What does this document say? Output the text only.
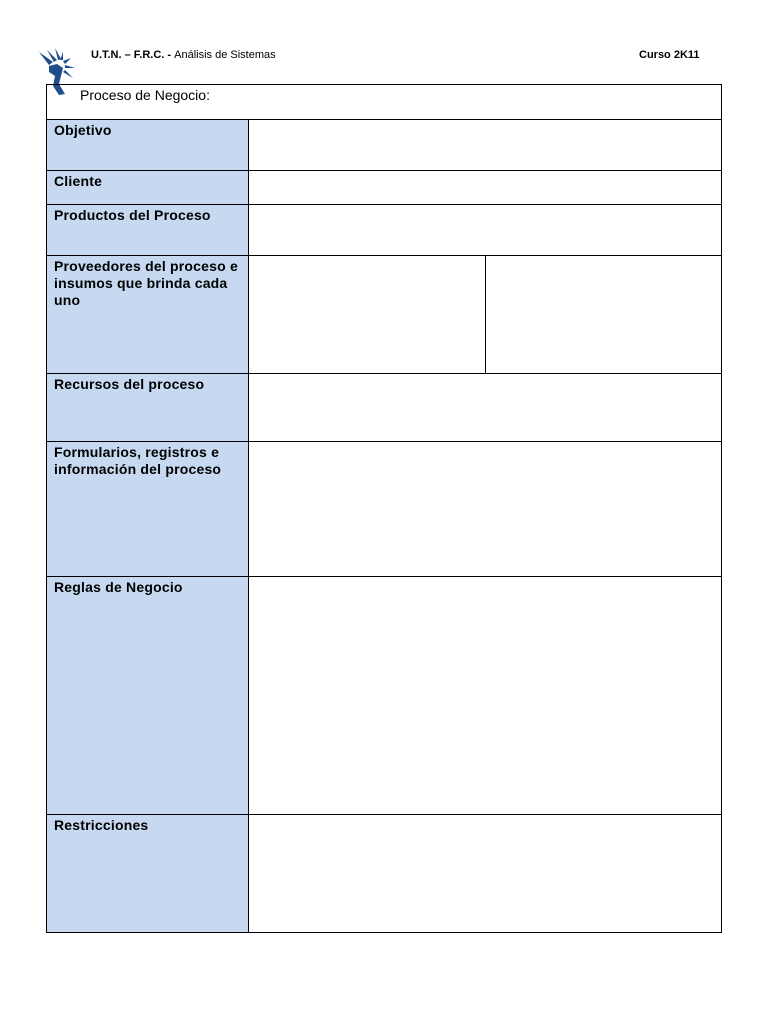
U.T.N. – F.R.C. - Análisis de Sistemas	Curso 2K11
Proceso de Negocio:
Objetivo
Cliente
Productos del Proceso
Proveedores del proceso e insumos que brinda cada uno
Recursos del proceso
Formularios, registros e información del proceso
Reglas de Negocio
Restricciones
